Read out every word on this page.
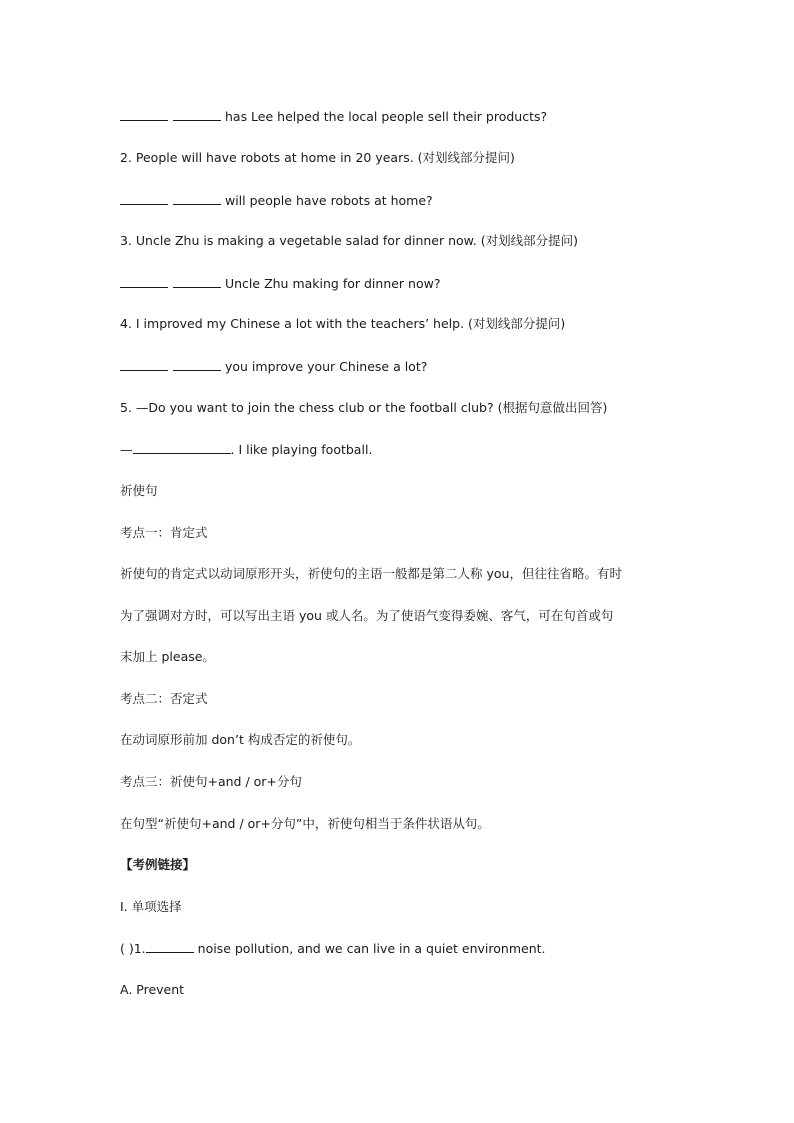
has Lee helped the local people sell their products?
2. People will have robots at home in 20 years. (对划线部分提问)
will people have robots at home?
3. Uncle Zhu is making a vegetable salad for dinner now. (对划线部分提问)
Uncle Zhu making for dinner now?
4. I improved my Chinese a lot with the teachers’ help. (对划线部分提问)
you improve your Chinese a lot?
5. —Do you want to join the chess club or the football club? (根据句意做出回答)
—	. I like playing football.
祈使句
考点一：肯定式
祈使句的肯定式以动词原形开头，祈使句的主语一般都是第二人称 you，但往往省略。有时
为了强调对方时，可以写出主语 you 或人名。为了使语气变得委婉、客气，可在句首或句
末加上 please。
考点二：否定式
在动词原形前加 don’t 构成否定的祈使句。
考点三：祈使句+and / or+分句
在句型“祈使句+and / or+分句”中，祈使句相当于条件状语从句。
【考例链接】
I. 单项选择
( )1.	noise pollution, and we can live in a quiet environment.
A. Prevent
